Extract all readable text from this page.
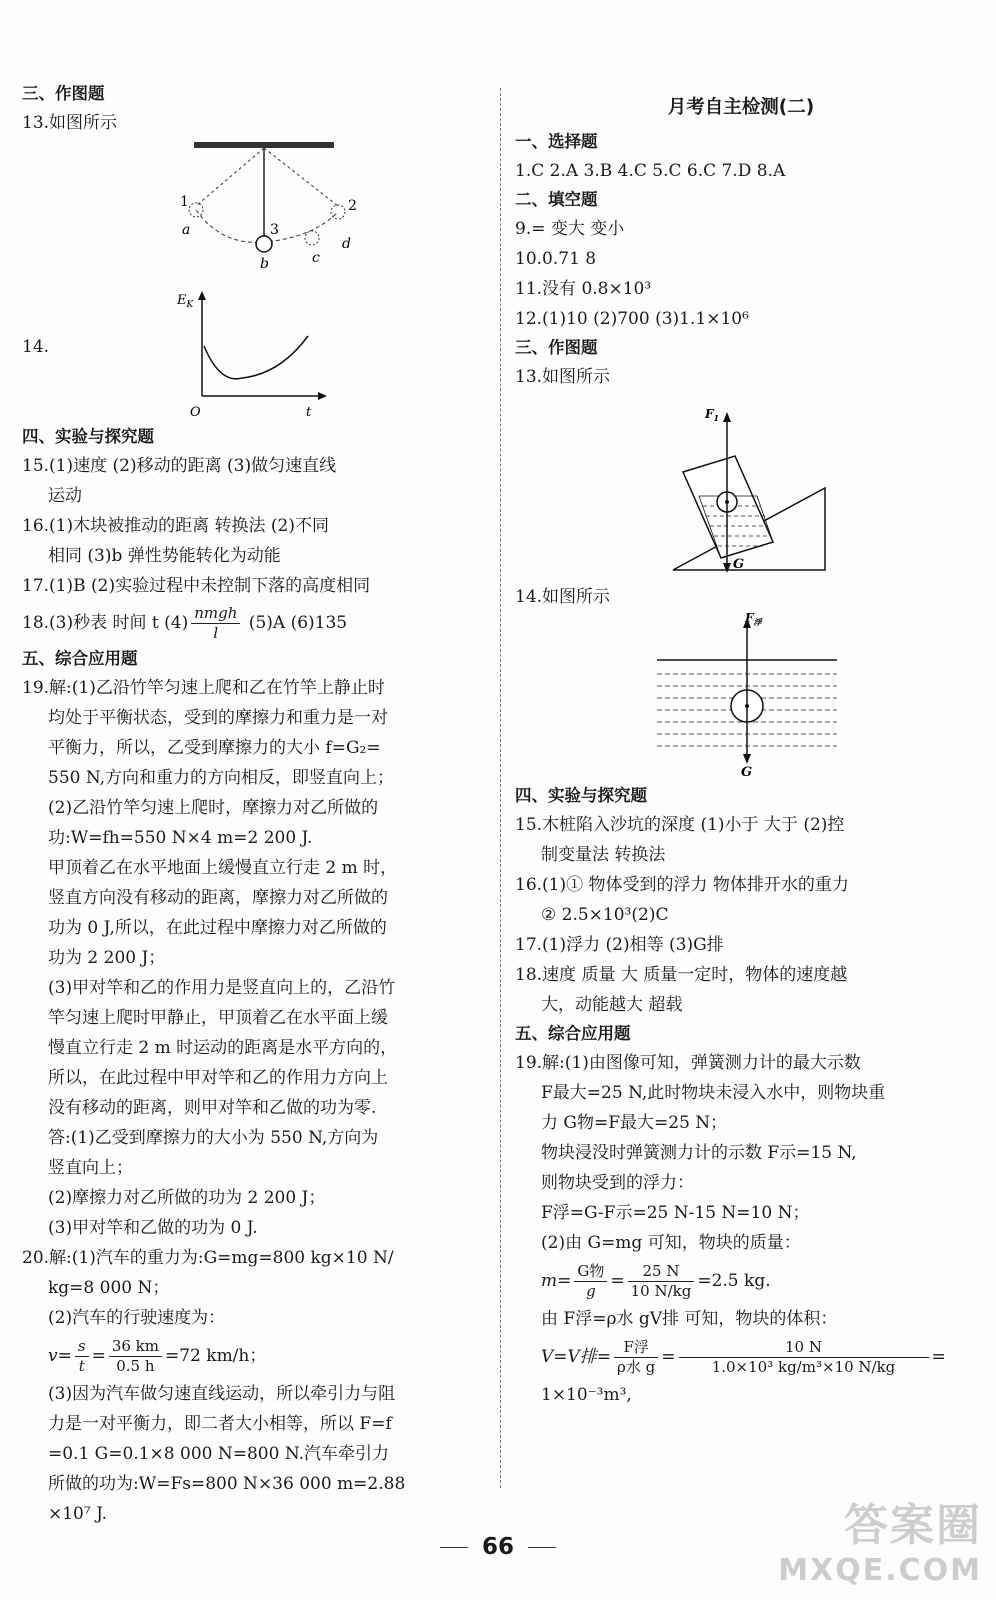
三、作图题
13.如图所示
1
3
2
a
b	c
d
14.
$E_K$
O	t
四、实验与探究题
15.(1)速度 (2)移动的距离 (3)做匀速直线
运动
16.(1)木块被推动的距离 转换法 (2)不同
相同 (3)b 弹性势能转化为动能
17.(1)B (2)实验过程中未控制下落的高度相同
18.(3)秒表 时间 t $(4) \frac{\text{nmgh}}{l} (5)A$ (6)135
五、综合应用题
19.解:(1)乙沿竹竿匀速上爬和乙在竹竿上静止时
均处于平衡状态，受到的摩擦力和重力是一对
平衡力，所以，乙受到摩擦力的大小 f=G₂=
550 N,方向和重力的方向相反，即竖直向上；
(2)乙沿竹竿匀速上爬时，摩擦力对乙所做的
功:W=fh=550 N×4 m=2 200 J.
甲顶着乙在水平地面上缓慢直立行走 2 m 时，
竖直方向没有移动的距离，摩擦力对乙所做的
功为 0 J,所以，在此过程中摩擦力对乙所做的
功为 2 200 J；
(3)甲对竿和乙的作用力是竖直向上的，乙沿竹
竿匀速上爬时甲静止，甲顶着乙在水平面上缓
慢直立行走 2 m 时运动的距离是水平方向的，
所以，在此过程中甲对竿和乙的作用力方向上
没有移动的距离，则甲对竿和乙做的功为零.
答:(1)乙受到摩擦力的大小为 550 N,方向为
竖直向上；
(2)摩擦力对乙所做的功为 2 200 J；
(3)甲对竿和乙做的功为 0 J.
20.解:(1)汽车的重力为:G=mg=800 kg×10 N/
kg=8 000 N；
(2)汽车的行驶速度为：
$v= \frac{s}{t} = \frac{36 km}{0.5 h} =72$ km/h；
(3)因为汽车做匀速直线运动，所以牵引力与阻
力是一对平衡力，即二者大小相等，所以 F=f
=0.1 G=0.1×8 000 N=800 N.汽车牵引力
所做的功为:W=Fs=800 N×36 000 m=2.88
×10⁷ J.
月考自主检测(二)
一、选择题
1.C 2.A 3.B 4.C 5.C 6.C 7.D 8.A
二、填空题
9.= 变大 变小
10.0.71 8
11.没有 0.8×10³
12.(1)10 (2)700 (3)1.1×10⁶
三、作图题
13.如图所示
$F_1$
G
14.如图所示
$F_浮$
G
四、实验与探究题
15.木桩陷入沙坑的深度 (1)小于 大于 (2)控
制变量法 转换法
16.(1)① 物体受到的浮力 物体排开水的重力
② 2.5×10³(2)C
17.(1)浮力 (2)相等 (3)G排
18.速度 质量 大 质量一定时，物体的速度越
大，动能越大 超载
五、综合应用题
19.解:(1)由图像可知，弹簧测力计的最大示数
F最大=25 N,此时物块未浸入水中，则物块重
力 G物=F最大=25 N；
物块浸没时弹簧测力计的示数 F示=15 N,
则物块受到的浮力：
F浮=G-F示=25 N-15 N=10 N；
(2)由 G=mg 可知，物块的质量：
$m= \frac{\text{G物}}{g} = \frac{25 N}{10 N/kg} =2.5$ kg.
由 F浮=ρ水 gV排 可知，物块的体积：
V=V排= $\frac{\text{F浮}}{\text{ρ水 g}} = \frac{10 N}{\text{1.0×10³ kg/m³×10 N/kg}}$ =
1×10⁻³m³,
66	答案圈
MXQE.COM
